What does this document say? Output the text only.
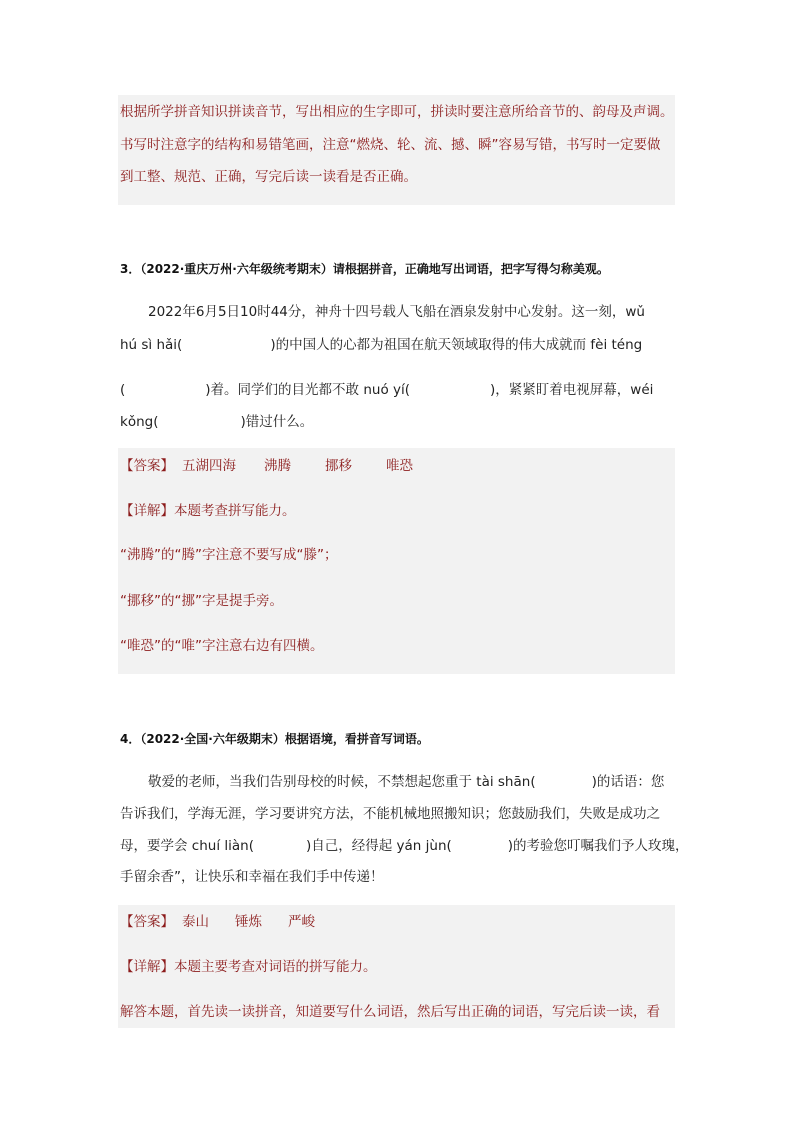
根据所学拼音知识拼读音节，写出相应的生字即可，拼读时要注意所给音节的、韵母及声调。
书写时注意字的结构和易错笔画，注意“燃烧、轮、流、撼、瞬”容易写错，书写时一定要做
到工整、规范、正确，写完后读一读看是否正确。
3．（2022·重庆万州·六年级统考期末）请根据拼音，正确地写出词语，把字写得匀称美观。
2022年6月5日10时44分，神舟十四号载人飞船在酒泉发射中心发射。这一刻，wǔ
hú sì hǎi(	)的中国人的心都为祖国在航天领域取得的伟大成就而 fèi téng
(	)着。同学们的目光都不敢 nuó yí(	)，紧紧盯着电视屏幕，wéi
kǒng(	)错过什么。
【答案】 五湖四海 沸腾	挪移	唯恐
【详解】本题考查拼写能力。
“沸腾”的“腾”字注意不要写成“滕”；
“挪移”的“挪”字是提手旁。
“唯恐”的“唯”字注意右边有四横。
4．（2022·全国·六年级期末）根据语境，看拼音写词语。
敬爱的老师，当我们告别母校的时候，不禁想起您重于 tài shān(	)的话语：您
告诉我们，学海无涯，学习要讲究方法，不能机械地照搬知识；您鼓励我们，失败是成功之
母，要学会 chuí liàn(	)自己，经得起 yán jùn(	)的考验您叮嘱我们予人玫瑰，
手留余香”，让快乐和幸福在我们手中传递！
【答案】 泰山 锤炼 严峻
【详解】本题主要考查对词语的拼写能力。
解答本题，首先读一读拼音，知道要写什么词语，然后写出正确的词语，写完后读一读，看
